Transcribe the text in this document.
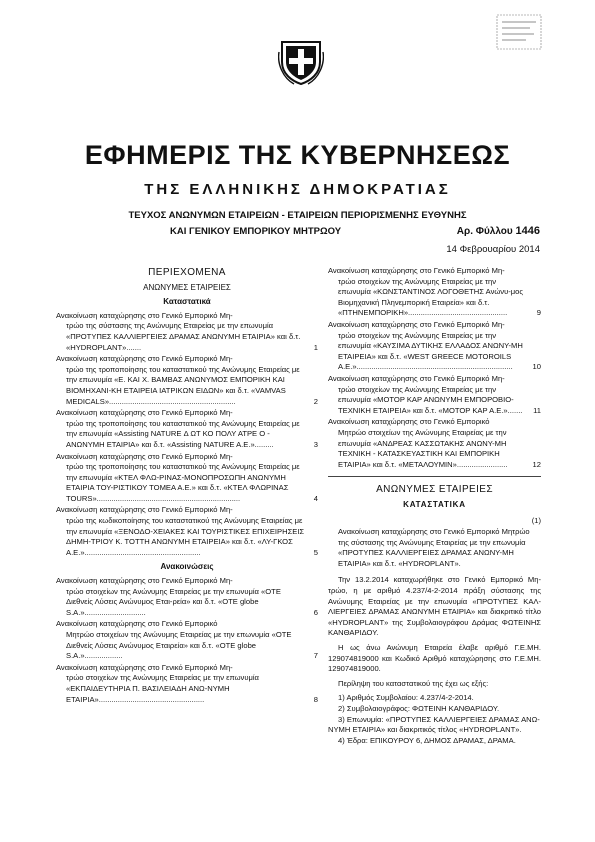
ΕΦΗΜΕΡΙΣ ΤΗΣ ΚΥΒΕΡΝΗΣΕΩΣ
ΤΗΣ ΕΛΛΗΝΙΚΗΣ ΔΗΜΟΚΡΑΤΙΑΣ
ΤΕΥΧΟΣ ΑΝΩΝΥΜΩΝ ΕΤΑΙΡΕΙΩΝ - ΕΤΑΙΡΕΙΩΝ ΠΕΡΙΟΡΙΣΜΕΝΗΣ ΕΥΘΥΝΗΣ
ΚΑΙ ΓΕΝΙΚΟΥ ΕΜΠΟΡΙΚΟΥ ΜΗΤΡΩΟΥ	Αρ. Φύλλου 1446
14 Φεβρουαρίου 2014
ΠΕΡΙΕΧΟΜΕΝΑ
ΑΝΩΝΥΜΕΣ ΕΤΑΙΡΕΙΕΣ
Καταστατικά
Ανακοίνωση καταχώρησης στο Γενικό Εμπορικό Μη-
τρώο της σύστασης της Ανώνυμης Εταιρείας με την επωνυμία «ΠΡΟΤΥΠΕΣ ΚΑΛΛΙΕΡΓΕΙΕΣ ΔΡΑΜΑΣ ΑΝΩΝΥΜΗ ΕΤΑΙΡΙΑ» και δ.τ. «HYDROPLANT».......	1
Ανακοίνωση καταχώρησης στο Γενικό Εμπορικό Μη-
τρώο της τροποποίησης του καταστατικού της Ανώνυμης Εταιρείας με την επωνυμία «Ε. ΚΑΙ Χ. ΒΑΜΒΑΣ ΑΝΩΝΥΜΟΣ ΕΜΠΟΡΙΚΗ ΚΑΙ ΒΙΟΜΗΧΑΝΙ-ΚΗ ΕΤΑΙΡΕΙΑ ΙΑΤΡΙΚΩΝ ΕΙΔΩΝ» και δ.τ. «VAMVAS MEDICALS»............................................................	2
Ανακοίνωση καταχώρησης στο Γενικό Εμπορικό Μη-
τρώο της τροποποίησης του καταστατικού της Ανώνυμης Εταιρείας με την επωνυμία «Assisting NATURE Δ ΩΤ ΚΟ ΠΟΛΥ ΑΤΡΕ Ο - ΑΝΩΝΥΜΗ ΕΤΑΙΡΙΑ» και δ.τ. «Assisting NATURE A.E.».........	3
Ανακοίνωση καταχώρησης στο Γενικό Εμπορικό Μη-
τρώο της τροποποίησης του καταστατικού της Ανώνυμης Εταιρείας με την επωνυμία «ΚΤΕΛ ΦΛΩ-ΡΙΝΑΣ-ΜΟΝΟΠΡΟΣΩΠΗ ΑΝΩΝΥΜΗ ΕΤΑΙΡΙΑ ΤΟΥ-ΡΙΣΤΙΚΟΥ ΤΟΜΕΑ Α.Ε.» και δ.τ. «ΚΤΕΛ ΦΛΩΡΙΝΑΣ TOURS»....................................................................	4
Ανακοίνωση καταχώρησης στο Γενικό Εμπορικό Μη-
τρώο της κωδικοποίησης του καταστατικού της Ανώνυμης Εταιρείας με την επωνυμία «ΞΕΝΟΔΟ-ΧΕΙΑΚΕΣ ΚΑΙ ΤΟΥΡΙΣΤΙΚΕΣ ΕΠΙΧΕΙΡΗΣΕΙΣ ΔΗΜΗ-ΤΡΙΟΥ Κ. ΤΟΤΤΗ ΑΝΩΝΥΜΗ ΕΤΑΙΡΕΙΑ» και δ.τ. «ΛΥ-ΓΚΟΣ Α.Ε.».......................................................	5
Ανακοινώσεις
Ανακοίνωση καταχώρησης στο Γενικό Εμπορικό Μη-
τρώο στοιχείων της Ανώνυμης Εταιρείας με την επωνυμία «ΟΤΕ Διεθνείς Λύσεις Ανώνυμος Εται-ρεία» και δ.τ. «ΟΤΕ globe S.A.».............................	6
Ανακοίνωση καταχώρησης στο Γενικό Εμπορικό
Μητρώο στοιχείων της Ανώνυμης Εταιρείας με την επωνυμία «ΟΤΕ Διεθνείς Λύσεις Ανώνυμος Εταιρεία» και δ.τ. «ΟΤΕ globe S.A.»..................	7
Ανακοίνωση καταχώρησης στο Γενικό Εμπορικό Μη-
τρώο στοιχείων της Ανώνυμης Εταιρείας με την επωνυμία «ΕΚΠΑΙΔΕΥΤΗΡΙΑ Π. ΒΑΣΙΛΕΙΑΔΗ ΑΝΩ-ΝΥΜΗ ΕΤΑΙΡΙΑ»..................................................	8
Ανακοίνωση καταχώρησης στο Γενικό Εμπορικό Μη-
τρώο στοιχείων της Ανώνυμης Εταιρείας με την επωνυμία «ΚΩΝΣΤΑΝΤΙΝΟΣ ΛΟΓΟΘΕΤΗΣ Ανώνυ-μος Βιομηχανική Πληνεμπορική Εταιρεία» και δ.τ. «ΠΤΗΝΕΜΠΟΡΙΚΗ»...............................................	9
Ανακοίνωση καταχώρησης στο Γενικό Εμπορικό Μη-
τρώο στοιχείων της Ανώνυμης Εταιρείας με την επωνυμία «ΚΑΥΣΙΜΑ ΔΥΤΙΚΗΣ ΕΛΛΑΔΟΣ ΑΝΩΝΥ-ΜΗ ΕΤΑΙΡΕΙΑ» και δ.τ. «WEST GREECE MOTOROILS Α.Ε.»..........................................................................	10
Ανακοίνωση καταχώρησης στο Γενικό Εμπορικό Μη-
τρώο στοιχείων της Ανώνυμης Εταιρείας με την επωνυμία «ΜΟΤΟΡ ΚΑΡ ΑΝΩΝΥΜΗ ΕΜΠΟΡΟΒΙΟ-ΤΕΧΝΙΚΗ ΕΤΑΙΡΕΙΑ» και δ.τ. «ΜΟΤΟΡ ΚΑΡ Α.Ε.».......	11
Ανακοίνωση καταχώρησης στο Γενικό Εμπορικό
Μητρώο στοιχείων της Ανώνυμης Εταιρείας με την επωνυμία «ΑΝΔΡΕΑΣ ΚΑΣΣΩΤΑΚΗΣ ΑΝΩΝΥ-ΜΗ ΤΕΧΝΙΚΗ - ΚΑΤΑΣΚΕΥΑΣΤΙΚΗ ΚΑΙ ΕΜΠΟΡΙΚΗ ΕΤΑΙΡΙΑ» και δ.τ. «ΜΕΤΑΛΟΥΜΙΝ»........................	12
ΑΝΩΝΥΜΕΣ ΕΤΑΙΡΕΙΕΣ
ΚΑΤΑΣΤΑΤΙΚΑ
(1)
Ανακοίνωση καταχώρησης στο Γενικό Εμπορικό Μητρώο της σύστασης της Ανώνυμης Εταιρείας με την επωνυμία «ΠΡΟΤΥΠΕΣ ΚΑΛΛΙΕΡΓΕΙΕΣ ΔΡΑΜΑΣ ΑΝΩΝΥ-ΜΗ ΕΤΑΙΡΙΑ» και δ.τ. «HYDROPLANT».

Την 13.2.2014 καταχωρήθηκε στο Γενικό Εμπορικό Μη-τρώο, η με αριθμό 4.237/4-2-2014 πράξη σύστασης της Ανώνυμης Εταιρείας με την επωνυμία «ΠΡΟΤΥΠΕΣ ΚΑΛ-ΛΙΕΡΓΕΙΕΣ ΔΡΑΜΑΣ ΑΝΩΝΥΜΗ ΕΤΑΙΡΙΑ» και διακριτικό τίτλο «HYDROPLANT» της Συμβολαιογράφου Δράμας ΦΩΤΕΙΝΗΣ ΚΑΝΘΑΡΙΔΟΥ.

Η ως άνω Ανώνυμη Εταιρεία έλαβε αριθμό Γ.Ε.ΜΗ. 129074819000 και Κωδικό Αριθμό καταχώρησης στο Γ.Ε.ΜΗ. 129074819000.

Περίληψη του καταστατικού της έχει ως εξής:

1) Αριθμός Συμβολαίου: 4.237/4-2-2014.

2) Συμβολαιογράφος: ΦΩΤΕΙΝΗ ΚΑΝΘΑΡΙΔΟΥ.

3) Επωνυμία: «ΠΡΟΤΥΠΕΣ ΚΑΛΛΙΕΡΓΕΙΕΣ ΔΡΑΜΑΣ ΑΝΩ-ΝΥΜΗ ΕΤΑΙΡΙΑ» και διακριτικός τίτλος «HYDROPLANT».

4) Έδρα: ΕΠΙΚΟΥΡΟΥ 6, ΔΗΜΟΣ ΔΡΑΜΑΣ, ΔΡΑΜΑ.
